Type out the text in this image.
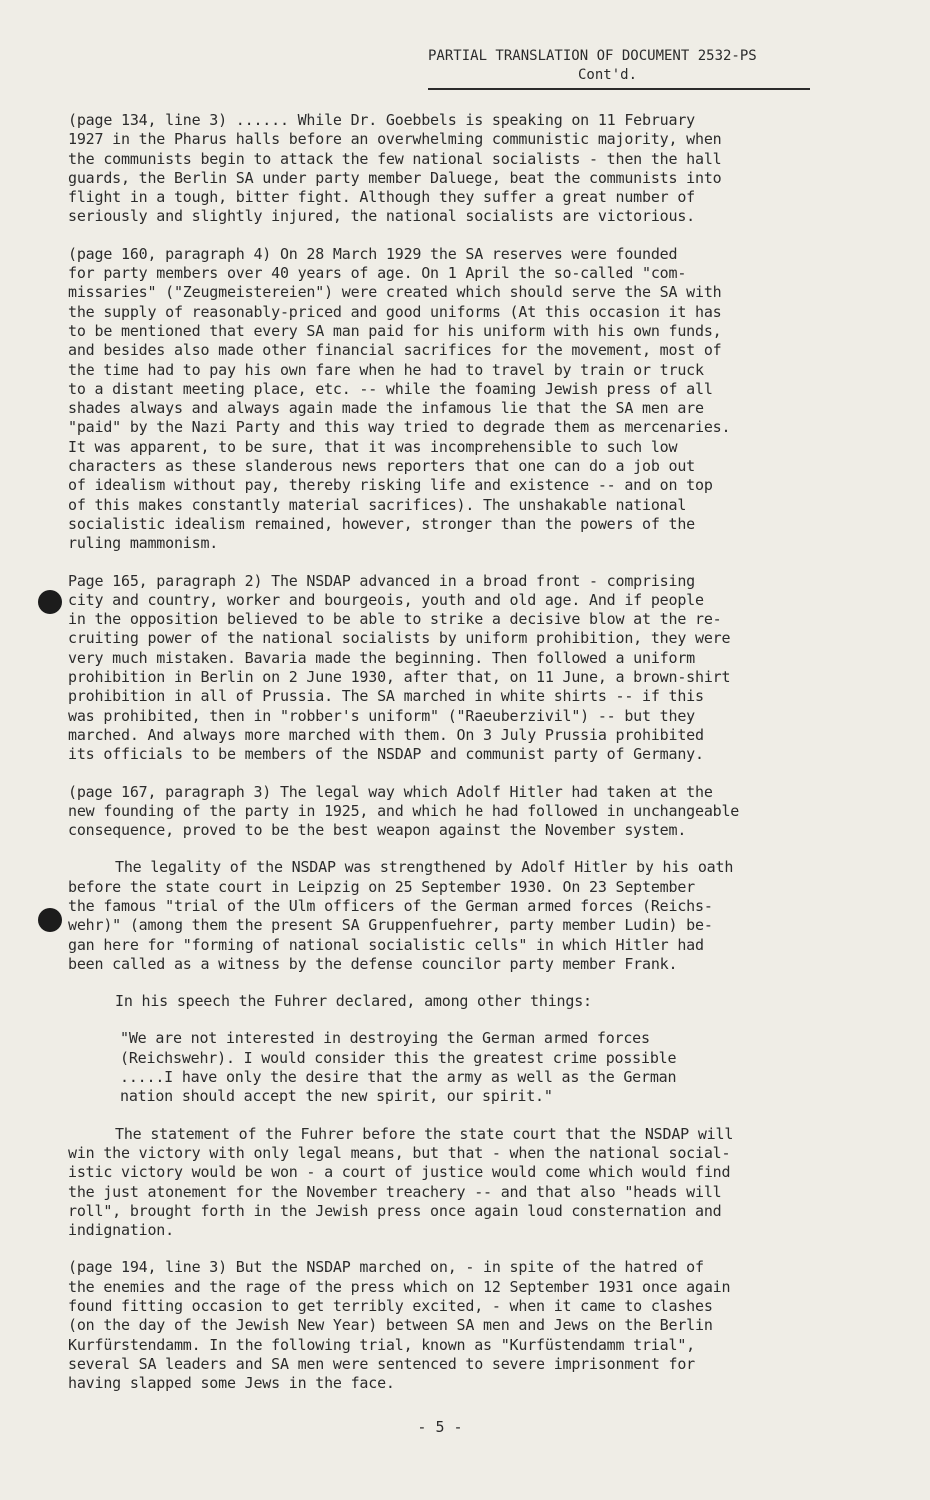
PARTIAL TRANSLATION OF DOCUMENT 2532-PS
Cont'd.

(page 134, line 3) ...... While Dr. Goebbels is speaking on 11 February
1927 in the Pharus halls before an overwhelming communistic majority, when
the communists begin to attack the few national socialists - then the hall
guards, the Berlin SA under party member Daluege, beat the communists into
flight in a tough, bitter fight. Although they suffer a great number of
seriously and slightly injured, the national socialists are victorious.

(page 160, paragraph 4) On 28 March 1929 the SA reserves were founded
for party members over 40 years of age. On 1 April the so-called "com-
missaries" ("Zeugmeistereien") were created which should serve the SA with
the supply of reasonably-priced and good uniforms (At this occasion it has
to be mentioned that every SA man paid for his uniform with his own funds,
and besides also made other financial sacrifices for the movement, most of
the time had to pay his own fare when he had to travel by train or truck
to a distant meeting place, etc. -- while the foaming Jewish press of all
shades always and always again made the infamous lie that the SA men are
"paid" by the Nazi Party and this way tried to degrade them as mercenaries.
It was apparent, to be sure, that it was incomprehensible to such low
characters as these slanderous news reporters that one can do a job out
of idealism without pay, thereby risking life and existence -- and on top
of this makes constantly material sacrifices). The unshakable national
socialistic idealism remained, however, stronger than the powers of the
ruling mammonism.

Page 165, paragraph 2) The NSDAP advanced in a broad front - comprising
city and country, worker and bourgeois, youth and old age. And if people
in the opposition believed to be able to strike a decisive blow at the re-
cruiting power of the national socialists by uniform prohibition, they were
very much mistaken. Bavaria made the beginning. Then followed a uniform
prohibition in Berlin on 2 June 1930, after that, on 11 June, a brown-shirt
prohibition in all of Prussia. The SA marched in white shirts -- if this
was prohibited, then in "robber's uniform" ("Raeuberzivil") -- but they
marched. And always more marched with them. On 3 July Prussia prohibited
its officials to be members of the NSDAP and communist party of Germany.

(page 167, paragraph 3) The legal way which Adolf Hitler had taken at the
new founding of the party in 1925, and which he had followed in unchangeable
consequence, proved to be the best weapon against the November system.

The legality of the NSDAP was strengthened by Adolf Hitler by his oath
before the state court in Leipzig on 25 September 1930. On 23 September
the famous "trial of the Ulm officers of the German armed forces (Reichs-
wehr)" (among them the present SA Gruppenfuehrer, party member Ludin) be-
gan here for "forming of national socialistic cells" in which Hitler had
been called as a witness by the defense councilor party member Frank.

In his speech the Fuhrer declared, among other things:

"We are not interested in destroying the German armed forces
(Reichswehr). I would consider this the greatest crime possible
.....I have only the desire that the army as well as the German
nation should accept the new spirit, our spirit."

The statement of the Fuhrer before the state court that the NSDAP will
win the victory with only legal means, but that - when the national social-
istic victory would be won - a court of justice would come which would find
the just atonement for the November treachery -- and that also "heads will
roll", brought forth in the Jewish press once again loud consternation and
indignation.

(page 194, line 3) But the NSDAP marched on, - in spite of the hatred of
the enemies and the rage of the press which on 12 September 1931 once again
found fitting occasion to get terribly excited, - when it came to clashes
(on the day of the Jewish New Year) between SA men and Jews on the Berlin
Kurfürstendamm. In the following trial, known as "Kurfüstendamm trial",
several SA leaders and SA men were sentenced to severe imprisonment for
having slapped some Jews in the face.

- 5 -
